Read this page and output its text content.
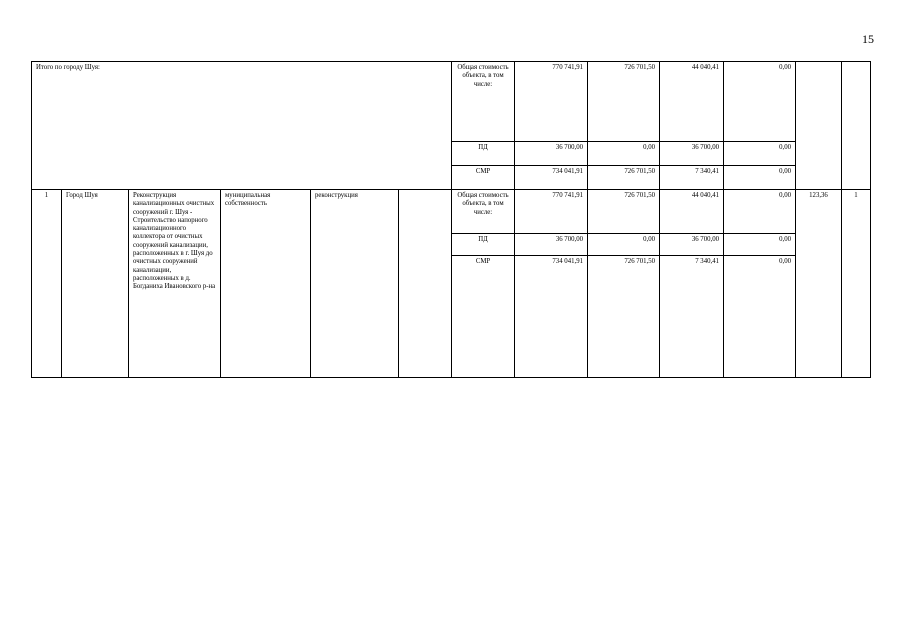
15
Итого по городу Шуя:						Общая стоимость объекта, в том числе:	770 741,91	726 701,50	44 040,41	0,00		
						ПД	36 700,00	0,00	36 700,00	0,00		
						СМР	734 041,91	726 701,50	7 340,41	0,00		
1	Город Шуя	Реконструкция канализационных очистных сооружений г. Шуя - Строительство напорного канализационного коллектора от очистных сооружений канализации, расположенных в г. Шуя до очистных сооружений канализации, расположенных в д. Богданиха Ивановского р-на	муниципальная собственность	реконструкция		Общая стоимость объекта, в том числе:	770 741,91	726 701,50	44 040,41	0,00	123,36	1
						ПД	36 700,00	0,00	36 700,00	0,00		
						СМР	734 041,91	726 701,50	7 340,41	0,00		
